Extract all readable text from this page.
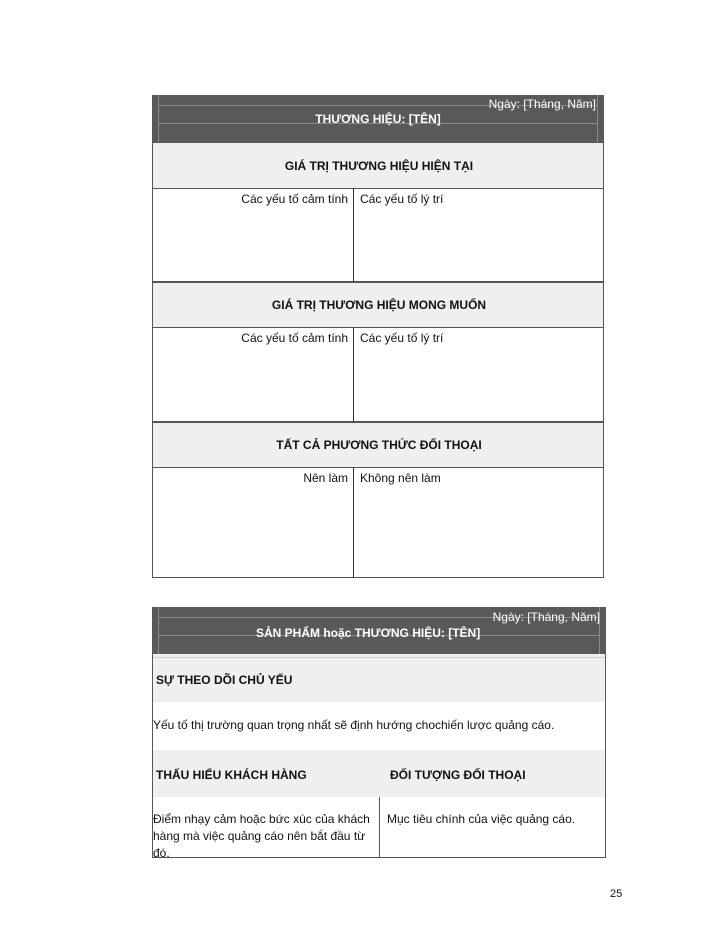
Ngày: [Tháng, Năm]
THƯƠNG HIỆU: [TÊN]
GIÁ TRỊ THƯƠNG HIỆU HIỆN TẠI
Các yếu tố cảm tính Các yếu tố lý trí
GIÁ TRỊ THƯƠNG HIỆU MONG MUỐN
Các yếu tố cảm tính Các yếu tố lý trí
TẤT CẢ PHƯƠNG THỨC ĐỐI THOẠI
Nên làm Không nên làm
Ngày: [Tháng, Năm]
SẢN PHẨM hoặc THƯƠNG HIỆU: [TÊN]
SỰ THEO DÕI CHỦ YẾU
Yếu tố thị trường quan trọng nhất sẽ định hướng chochiến lược quảng cáo.
THẤU HIỂU KHÁCH HÀNG	ĐỐI TƯỢNG ĐỐI THOẠI
Điểm nhạy cảm hoặc bức xúc của khách hàng mà việc quảng cáo nên bắt đầu từ đó.
Mục tiêu chính của việc quảng cáo.
25
